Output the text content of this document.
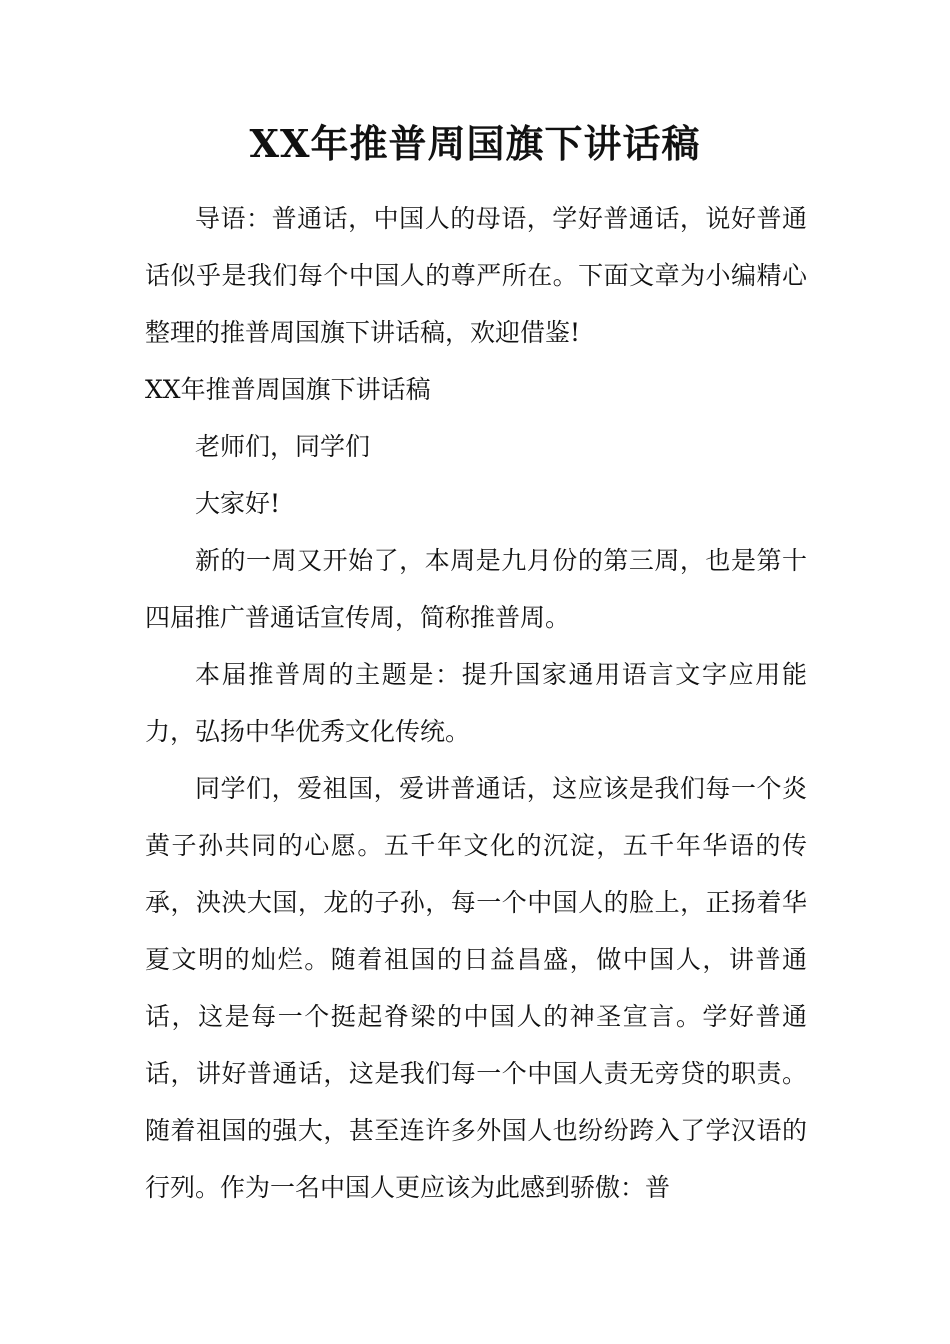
XX年推普周国旗下讲话稿

导语：普通话，中国人的母语，学好普通话，说好普通话似乎是我们每个中国人的尊严所在。下面文章为小编精心整理的推普周国旗下讲话稿，欢迎借鉴!

XX年推普周国旗下讲话稿

老师们，同学们

大家好!

新的一周又开始了，本周是九月份的第三周，也是第十四届推广普通话宣传周，简称推普周。

本届推普周的主题是：提升国家通用语言文字应用能力，弘扬中华优秀文化传统。

同学们，爱祖国，爱讲普通话，这应该是我们每一个炎黄子孙共同的心愿。五千年文化的沉淀，五千年华语的传承，泱泱大国，龙的子孙，每一个中国人的脸上，正扬着华夏文明的灿烂。随着祖国的日益昌盛，做中国人，讲普通话，这是每一个挺起脊梁的中国人的神圣宣言。学好普通话，讲好普通话，这是我们每一个中国人责无旁贷的职责。随着祖国的强大，甚至连许多外国人也纷纷跨入了学汉语的行列。作为一名中国人更应该为此感到骄傲：普
